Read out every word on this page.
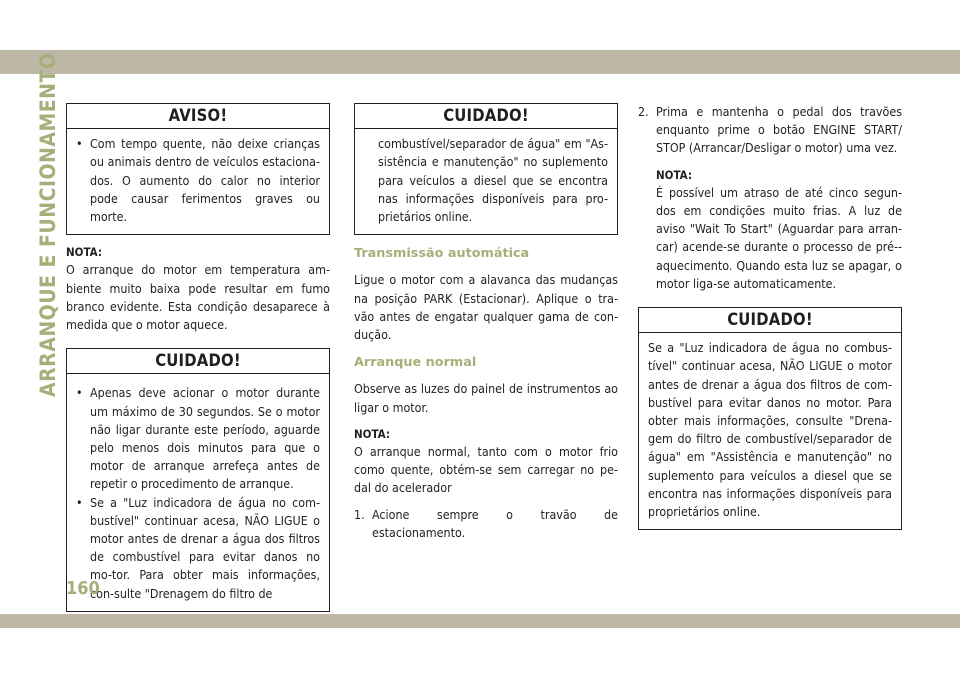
ARRANQUE E FUNCIONAMENTO	AVISO!

• Com tempo quente, não deixe crianças ou animais dentro de veículos estaciona-dos. O aumento do calor no interior pode causar ferimentos graves ou morte.

NOTA:

O arranque do motor em temperatura am-biente muito baixa pode resultar em fumo branco evidente. Esta condição desaparece à medida que o motor aquece.

CUIDADO!

• Apenas deve acionar o motor durante um máximo de 30 segundos. Se o motor não ligar durante este período, aguarde pelo menos dois minutos para que o motor de arranque arrefeça antes de repetir o procedimento de arranque.

• Se a "Luz indicadora de água no com-bustível" continuar acesa, NÃO LIGUE o motor antes de drenar a água dos filtros de combustível para evitar danos no mo-tor. Para obter mais informações, con-sulte "Drenagem do filtro de

CUIDADO!

combustível/separador de água" em "As-sistência e manutenção" no suplemento para veículos a diesel que se encontra nas informações disponíveis para pro-prietários online.

Transmissão automática

Ligue o motor com a alavanca das mudanças na posição PARK (Estacionar). Aplique o tra-vão antes de engatar qualquer gama de con-dução.

Arranque normal

Observe as luzes do painel de instrumentos ao ligar o motor.

NOTA:

O arranque normal, tanto com o motor frio como quente, obtém-se sem carregar no pe-dal do acelerador

1. Acione sempre o travão de estacionamento.
2. Prima e mantenha o pedal dos travões enquanto prime o botão ENGINE START/ STOP (Arrancar/Desligar o motor) uma vez.

NOTA:

É possível um atraso de até cinco segun-dos em condições muito frias. A luz de aviso "Wait To Start" (Aguardar para arran-car) acende-se durante o processo de pré--aquecimento. Quando esta luz se apagar, o motor liga-se automaticamente.

CUIDADO!

Se a "Luz indicadora de água no combus-tível" continuar acesa, NÃO LIGUE o motor antes de drenar a água dos filtros de com-bustível para evitar danos no motor. Para obter mais informações, consulte "Drena-gem do filtro de combustível/separador de água" em "Assistência e manutenção" no suplemento para veículos a diesel que se encontra nas informações disponíveis para proprietários online.

160
